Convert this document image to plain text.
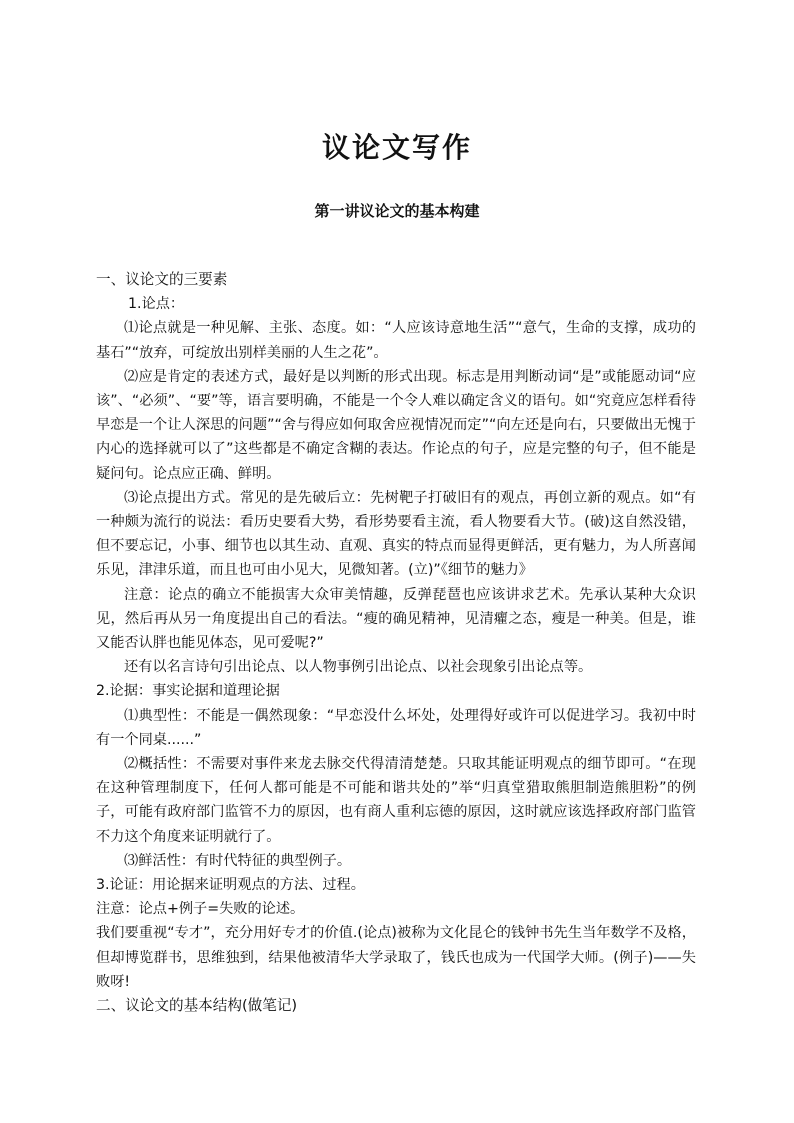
议论文写作
第一讲议论文的基本构建

一、议论文的三要素

1.论点：

⑴论点就是一种见解、主张、态度。如：“人应该诗意地生活”“意气，生命的支撑，成功的基石”“放弃，可绽放出别样美丽的人生之花”。

⑵应是肯定的表述方式，最好是以判断的形式出现。标志是用判断动词“是”或能愿动词“应该”、“必须”、“要”等，语言要明确，不能是一个令人难以确定含义的语句。如“究竟应怎样看待早恋是一个让人深思的问题”“舍与得应如何取舍应视情况而定”“向左还是向右，只要做出无愧于内心的选择就可以了”这些都是不确定含糊的表达。作论点的句子，应是完整的句子，但不能是疑问句。论点应正确、鲜明。

⑶论点提出方式。常见的是先破后立：先树靶子打破旧有的观点，再创立新的观点。如“有一种颇为流行的说法：看历史要看大势，看形势要看主流，看人物要看大节。(破)这自然没错，但不要忘记，小事、细节也以其生动、直观、真实的特点而显得更鲜活，更有魅力，为人所喜闻乐见，津津乐道，而且也可由小见大，见微知著。(立)”《细节的魅力》

注意：论点的确立不能损害大众审美情趣，反弹琵琶也应该讲求艺术。先承认某种大众识见，然后再从另一角度提出自己的看法。“瘦的确见精神，见清癯之态，瘦是一种美。但是，谁又能否认胖也能见体态，见可爱呢?”

还有以名言诗句引出论点、以人物事例引出论点、以社会现象引出论点等。

2.论据：事实论据和道理论据

⑴典型性：不能是一偶然现象：“早恋没什么坏处，处理得好或许可以促进学习。我初中时有一个同桌......”

⑵概括性：不需要对事件来龙去脉交代得清清楚楚。只取其能证明观点的细节即可。“在现在这种管理制度下，任何人都可能是不可能和谐共处的”举“归真堂猎取熊胆制造熊胆粉”的例子，可能有政府部门监管不力的原因，也有商人重利忘德的原因，这时就应该选择政府部门监管不力这个角度来证明就行了。

⑶鲜活性：有时代特征的典型例子。

3.论证：用论据来证明观点的方法、过程。

注意：论点+例子=失败的论述。

我们要重视“专才”，充分用好专才的价值.(论点)被称为文化昆仑的钱钟书先生当年数学不及格，但却博览群书，思维独到，结果他被清华大学录取了，钱氏也成为一代国学大师。(例子)——失败呀!

二、议论文的基本结构(做笔记)
